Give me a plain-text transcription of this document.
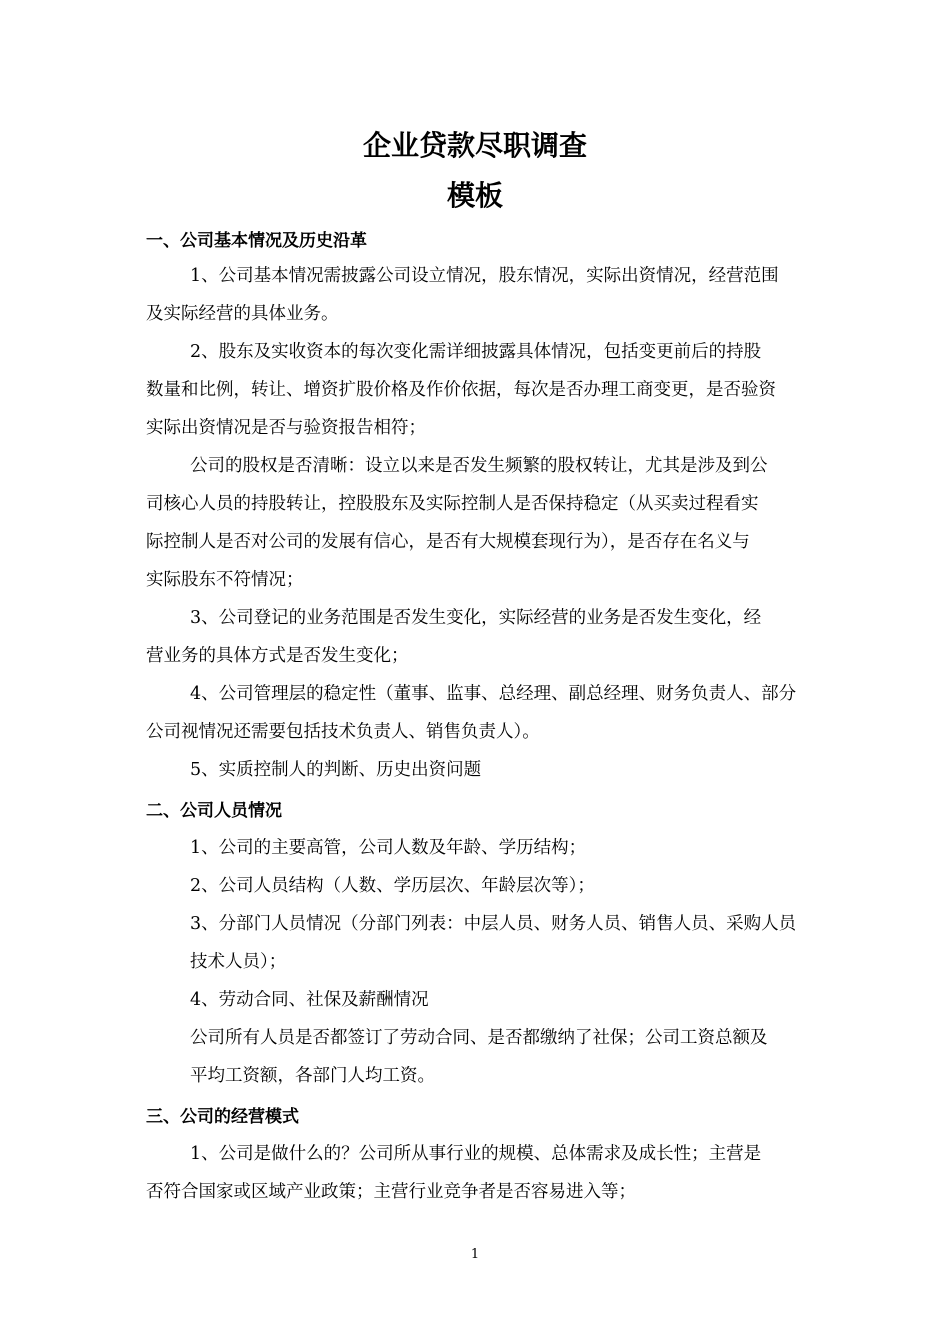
企业贷款尽职调查
模板
一、公司基本情况及历史沿革
1、公司基本情况需披露公司设立情况，股东情况，实际出资情况，经营范围
及实际经营的具体业务。
2、股东及实收资本的每次变化需详细披露具体情况，包括变更前后的持股
数量和比例，转让、增资扩股价格及作价依据，每次是否办理工商变更，是否验资
实际出资情况是否与验资报告相符；
公司的股权是否清晰：设立以来是否发生频繁的股权转让，尤其是涉及到公
司核心人员的持股转让，控股股东及实际控制人是否保持稳定（从买卖过程看实
际控制人是否对公司的发展有信心，是否有大规模套现行为），是否存在名义与
实际股东不符情况；
3、公司登记的业务范围是否发生变化，实际经营的业务是否发生变化，经
营业务的具体方式是否发生变化；
4、公司管理层的稳定性（董事、监事、总经理、副总经理、财务负责人、部分
公司视情况还需要包括技术负责人、销售负责人）。
5、实质控制人的判断、历史出资问题
二、公司人员情况
1、公司的主要高管，公司人数及年龄、学历结构；
2、公司人员结构（人数、学历层次、年龄层次等）；
3、分部门人员情况（分部门列表：中层人员、财务人员、销售人员、采购人员
技术人员）；
4、劳动合同、社保及薪酬情况
公司所有人员是否都签订了劳动合同、是否都缴纳了社保；公司工资总额及
平均工资额，各部门人均工资。
三、公司的经营模式
1、公司是做什么的？公司所从事行业的规模、总体需求及成长性；主营是
否符合国家或区域产业政策；主营行业竞争者是否容易进入等；
1
